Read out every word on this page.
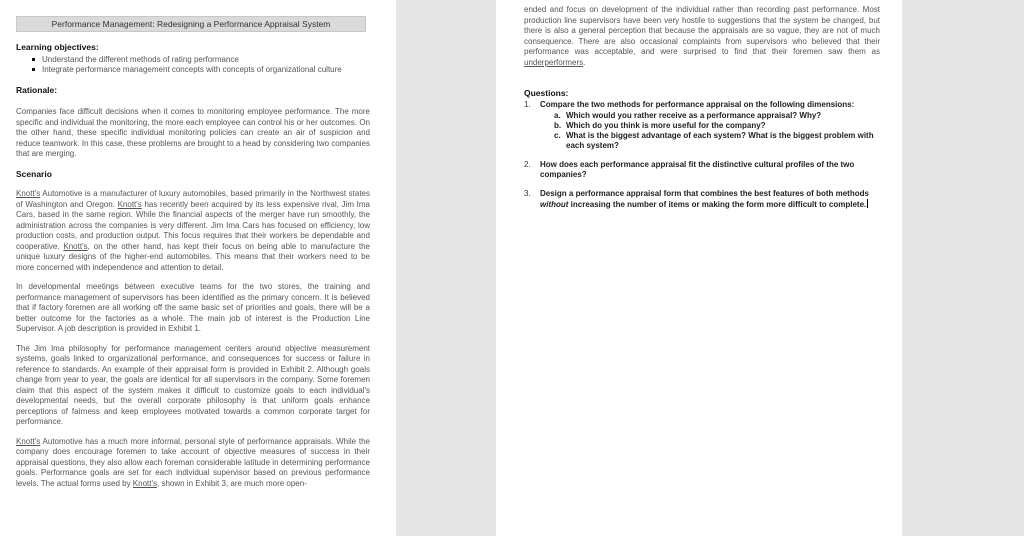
Performance Management: Redesigning a Performance Appraisal System
Learning objectives:
Understand the different methods of rating performance
Integrate performance management concepts with concepts of organizational culture
Rationale:

Companies face difficult decisions when it comes to monitoring employee performance. The more specific and individual the monitoring, the more each employee can control his or her outcomes. On the other hand, these specific individual monitoring policies can create an air of suspicion and reduce teamwork. In this case, these problems are brought to a head by considering two companies that are merging.

Scenario

Knott's Automotive is a manufacturer of luxury automobiles, based primarily in the Northwest states of Washington and Oregon. Knott's has recently been acquired by its less expensive rival, Jim Ima Cars, based in the same region. While the financial aspects of the merger have run smoothly, the administration across the companies is very different. Jim Ima Cars has focused on efficiency, low production costs, and production output. This focus requires that their workers be dependable and cooperative. Knott's, on the other hand, has kept their focus on being able to manufacture the unique luxury designs of the higher-end automobiles. This means that their workers need to be more concerned with independence and attention to detail.

In developmental meetings between executive teams for the two stores, the training and performance management of supervisors has been identified as the primary concern. It is believed that if factory foremen are all working off the same basic set of priorities and goals, there will be a better outcome for the factories as a whole. The main job of interest is the Production Line Supervisor. A job description is provided in Exhibit 1.

The Jim Ima philosophy for performance management centers around objective measurement systems, goals linked to organizational performance, and consequences for success or failure in reference to standards. An example of their appraisal form is provided in Exhibit 2. Although goals change from year to year, the goals are identical for all supervisors in the company. Some foremen claim that this aspect of the system makes it difficult to customize goals to each individual's developmental needs, but the overall corporate philosophy is that uniform goals enhance perceptions of fairness and keep employees motivated towards a common corporate target for performance.

Knott's Automotive has a much more informal, personal style of performance appraisals. While the company does encourage foremen to take account of objective measures of success in their appraisal questions, they also allow each foreman considerable latitude in determining performance goals. Performance goals are set for each individual supervisor based on previous performance levels. The actual forms used by Knott's, shown in Exhibit 3, are much more open-

ended and focus on development of the individual rather than recording past performance. Most production line supervisors have been very hostile to suggestions that the system be changed, but there is also a general perception that because the appraisals are so vague, they are not of much consequence. There are also occasional complaints from supervisors who believed that their performance was acceptable, and were surprised to find that their foremen saw them as underperformers.

Questions:
1.	Compare the two methods for performance appraisal on the following dimensions:
a. Which would you rather receive as a performance appraisal? Why?
b. Which do you think is more useful for the company?
c. What is the biggest advantage of each system? What is the biggest problem with each system?
2.	How does each performance appraisal fit the distinctive cultural profiles of the two companies?
3.	Design a performance appraisal form that combines the best features of both methods without increasing the number of items or making the form more difficult to complete.
